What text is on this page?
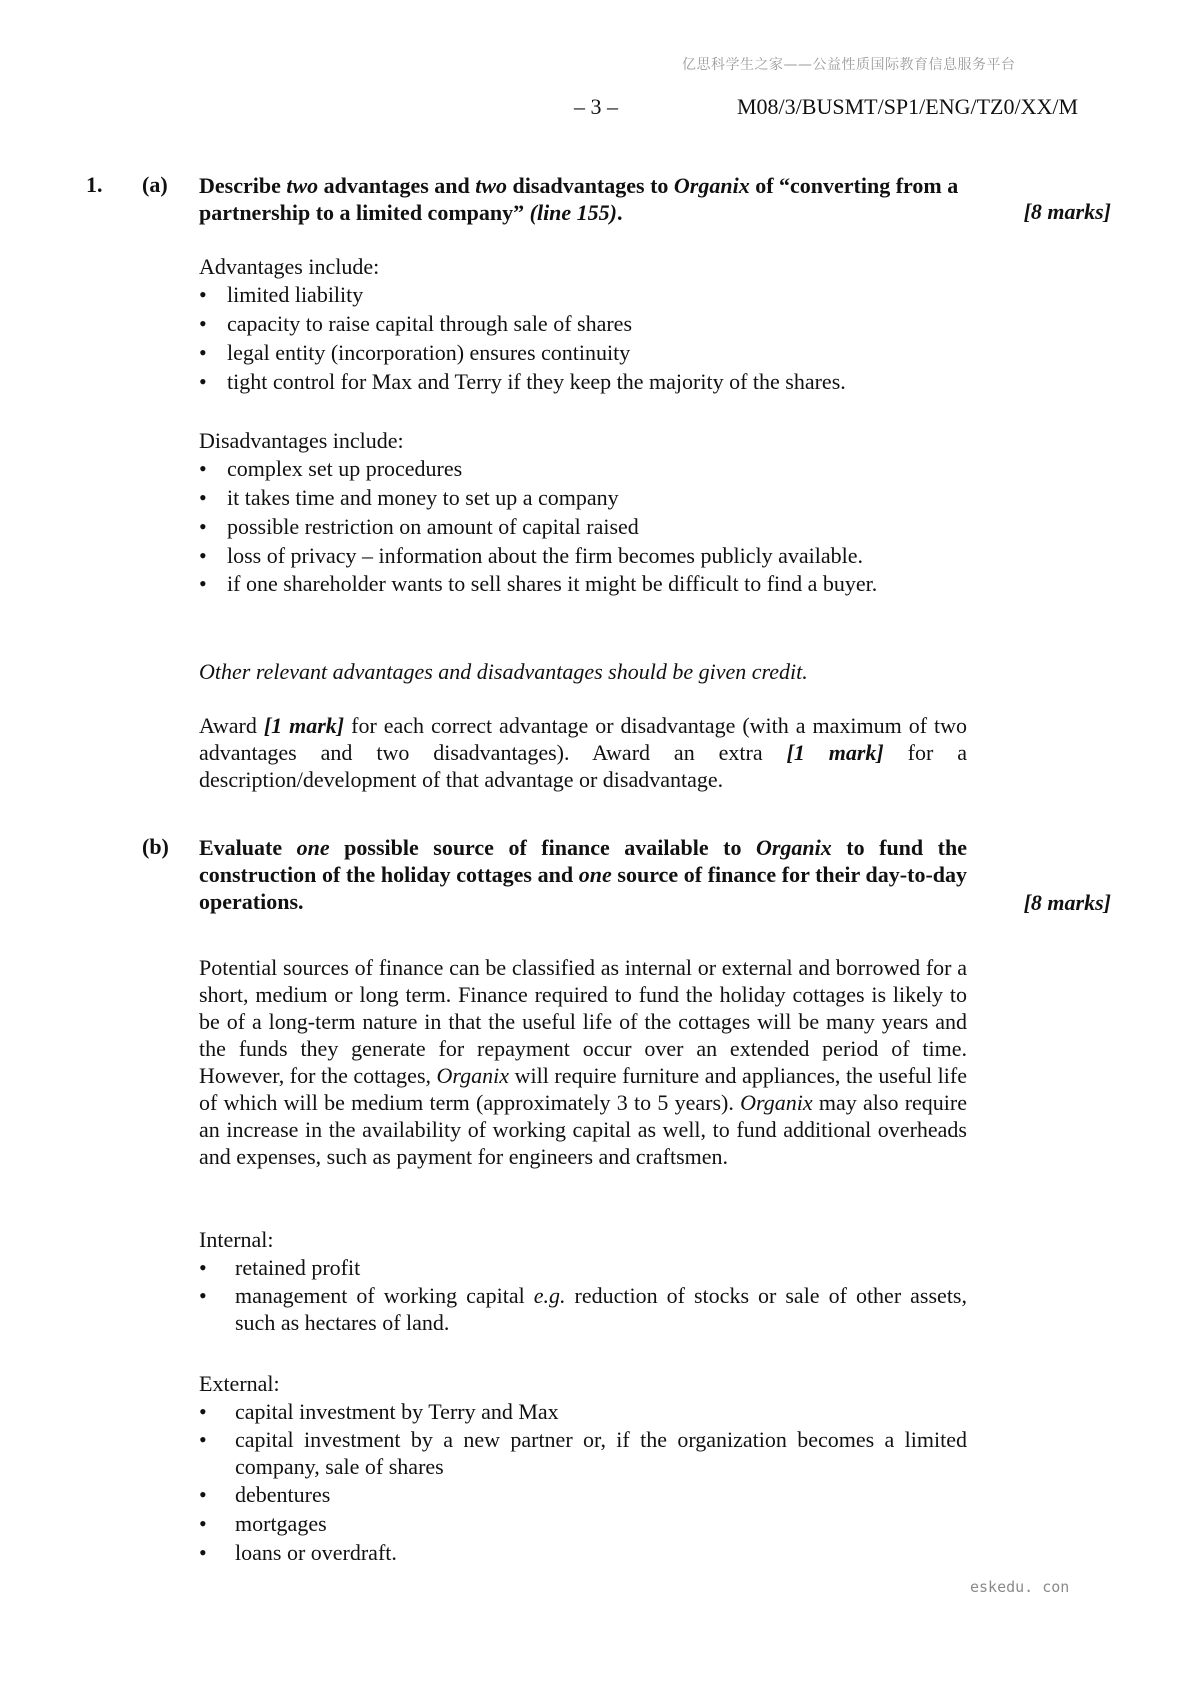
亿思科学生之家——公益性质国际教育信息服务平台
– 3 –	M08/3/BUSMT/SP1/ENG/TZ0/XX/M
1. (a) Describe two advantages and two disadvantages to Organix of “converting from a partnership to a limited company” (line 155).	[8 marks]
Advantages include:
• limited liability
• capacity to raise capital through sale of shares
• legal entity (incorporation) ensures continuity
• tight control for Max and Terry if they keep the majority of the shares.
Disadvantages include:
• complex set up procedures
• it takes time and money to set up a company
• possible restriction on amount of capital raised
• loss of privacy – information about the firm becomes publicly available.
• if one shareholder wants to sell shares it might be difficult to find a buyer.
Other relevant advantages and disadvantages should be given credit.
Award [1 mark] for each correct advantage or disadvantage (with a maximum of two advantages and two disadvantages). Award an extra [1 mark] for a description/development of that advantage or disadvantage.
(b) Evaluate one possible source of finance available to Organix to fund the construction of the holiday cottages and one source of finance for their day-to-day operations.	[8 marks]
Potential sources of finance can be classified as internal or external and borrowed for a short, medium or long term. Finance required to fund the holiday cottages is likely to be of a long-term nature in that the useful life of the cottages will be many years and the funds they generate for repayment occur over an extended period of time. However, for the cottages, Organix will require furniture and appliances, the useful life of which will be medium term (approximately 3 to 5 years). Organix may also require an increase in the availability of working capital as well, to fund additional overheads and expenses, such as payment for engineers and craftsmen.
Internal:
• retained profit
• management of working capital e.g. reduction of stocks or sale of other assets, such as hectares of land.
External:
• capital investment by Terry and Max
• capital investment by a new partner or, if the organization becomes a limited company, sale of shares
• debentures
• mortgages
• loans or overdraft.
eskedu. con
